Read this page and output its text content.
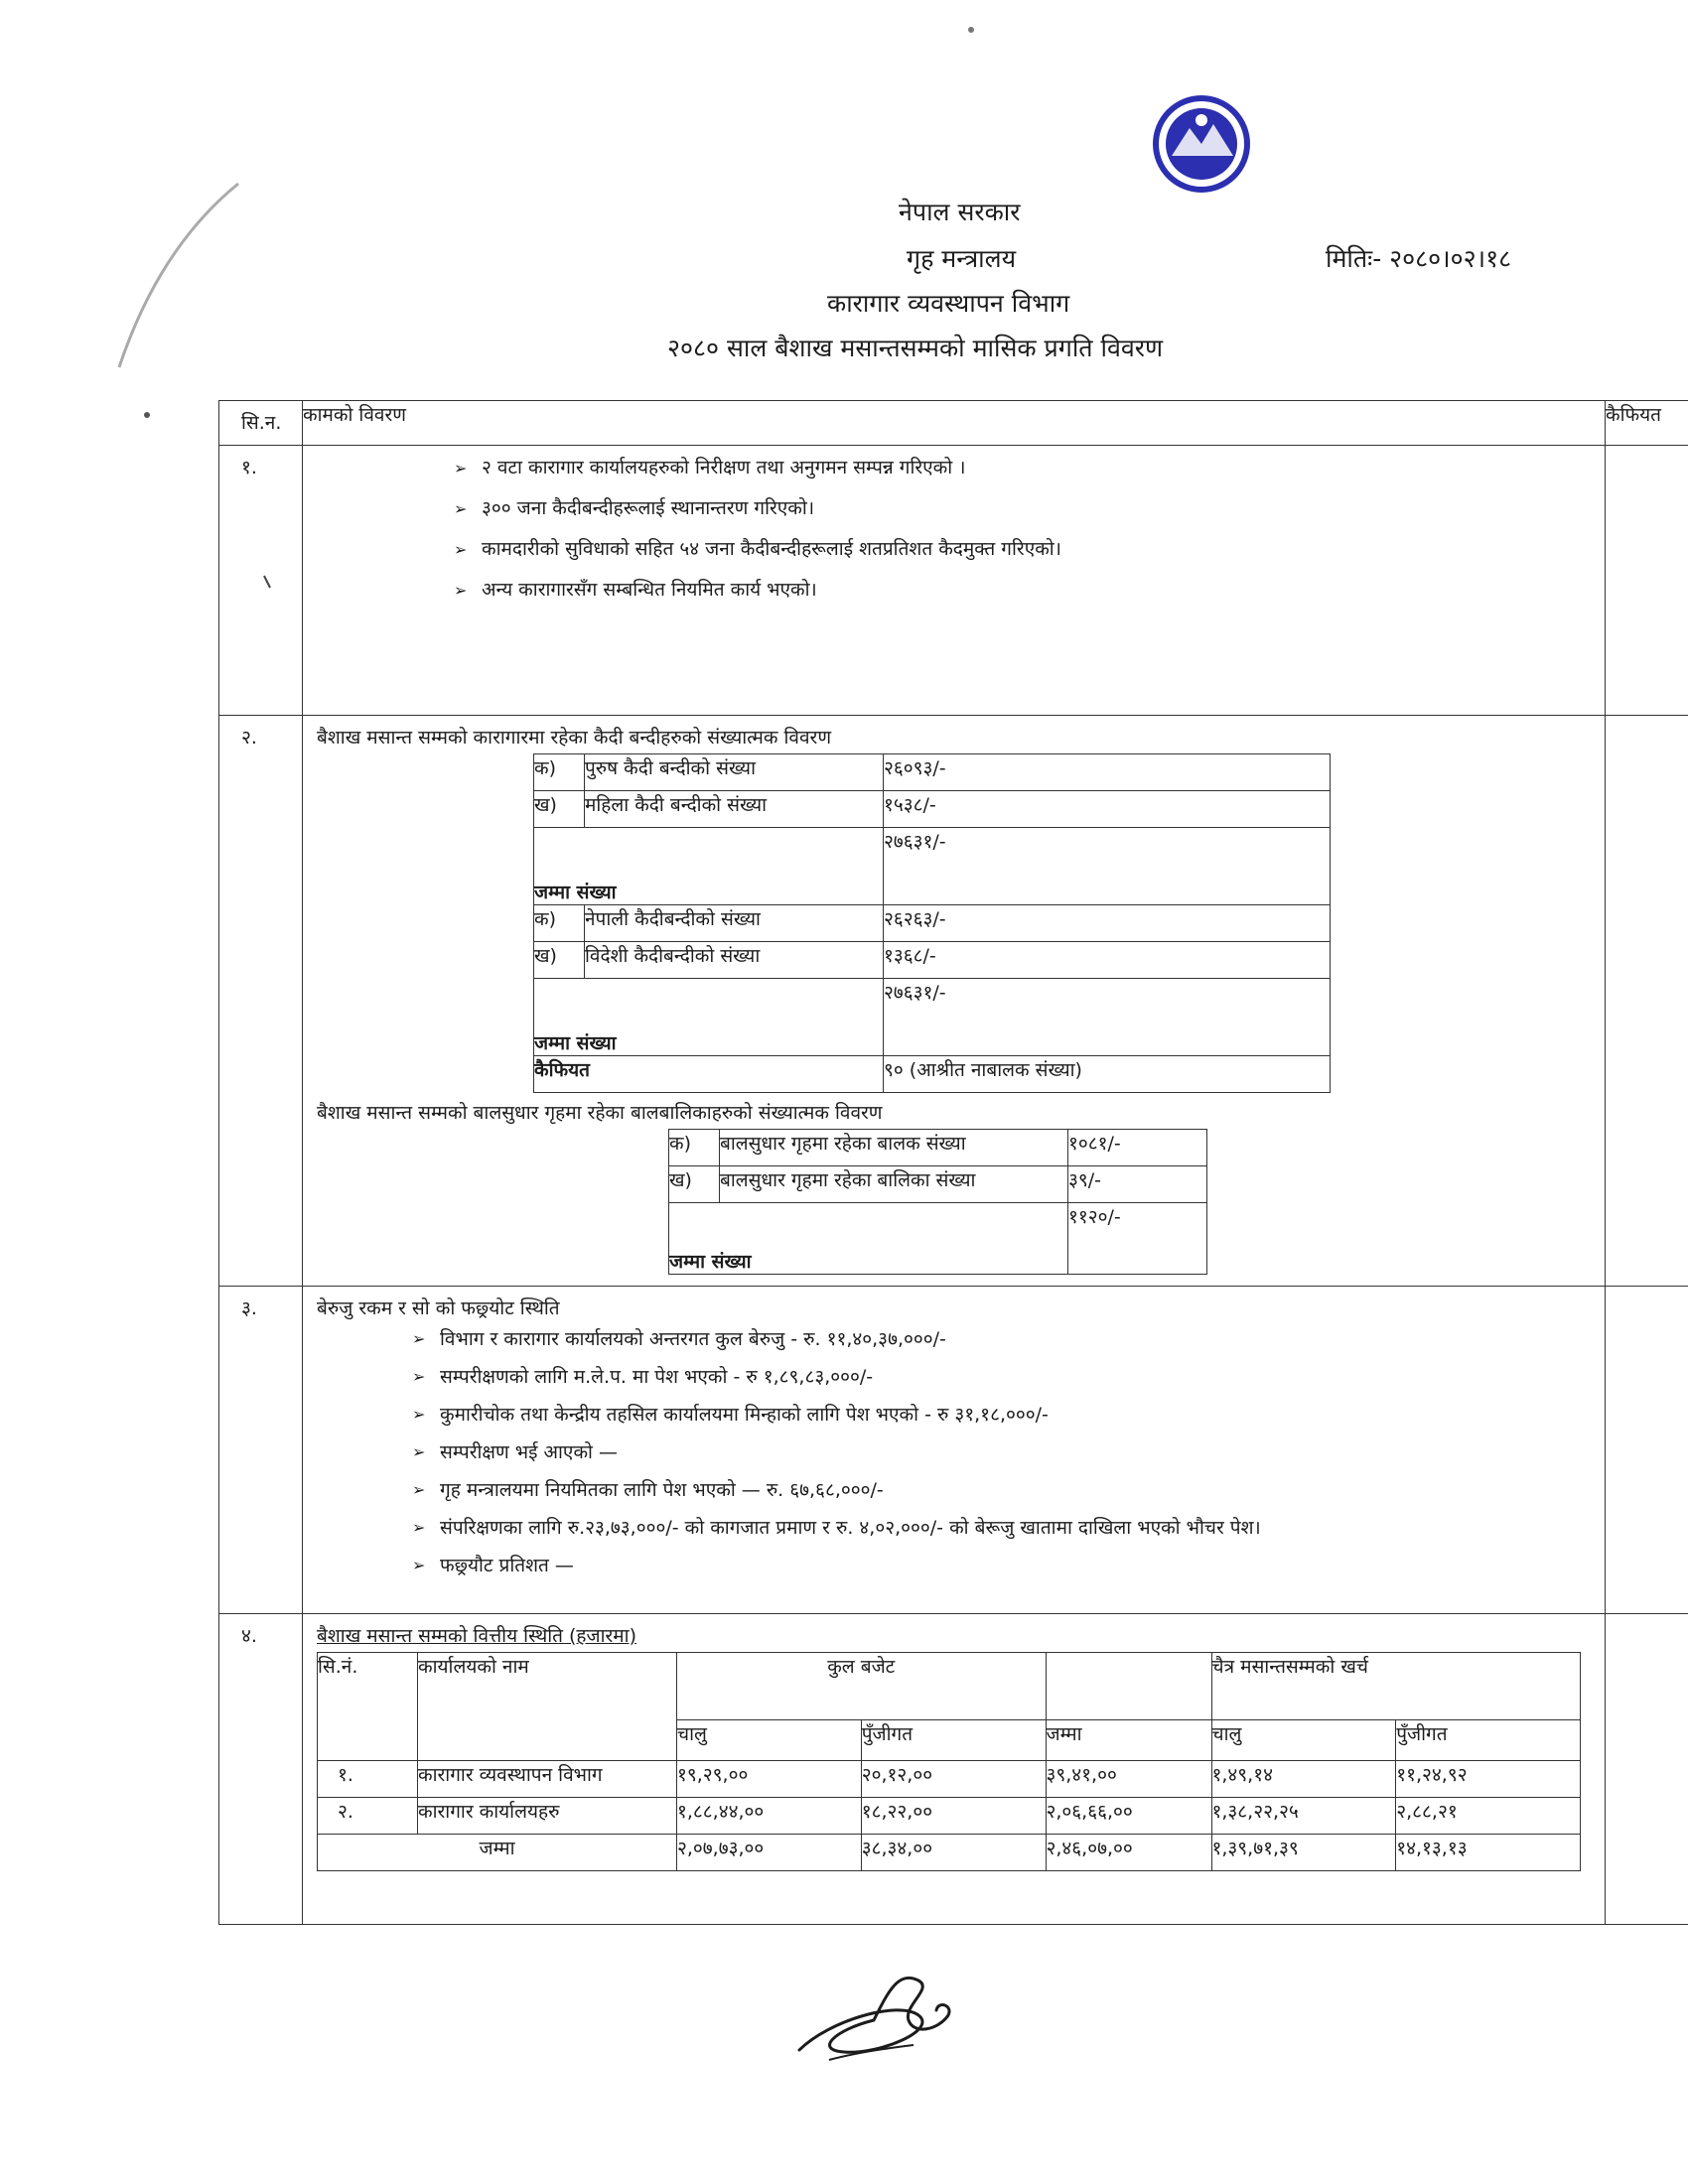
नेपाल सरकार
गृह मन्त्रालय
कारागार व्यवस्थापन विभाग
२०८० साल बैशाख मसान्तसम्मको मासिक प्रगति विवरण
मितिः- २०८०।०२।१८
सि.न.	कामको विवरण	कैफियत
१.	➢ २ वटा कारागार कार्यालयहरुको निरीक्षण तथा अनुगमन सम्पन्न गरिएको ।
➢ ३०० जना कैदीबन्दीहरूलाई स्थानान्तरण गरिएको।
➢ कामदारीको सुविधाको सहित ५४ जना कैदीबन्दीहरूलाई शतप्रतिशत कैदमुक्त गरिएको।
➢ अन्य कारागारसँग सम्बन्धित नियमित कार्य भएको।

२.	बैशाख मसान्त सम्मको कारागारमा रहेका कैदी बन्दीहरुको संख्यात्मक विवरण
क)	पुरुष कैदी बन्दीको संख्या	२६०९३/-
ख)	महिला कैदी बन्दीको संख्या	१५३८/-
जम्मा संख्या	२७६३१/-
क)	नेपाली कैदीबन्दीको संख्या	२६२६३/-
ख)	विदेशी कैदीबन्दीको संख्या	१३६८/-
जम्मा संख्या	२७६३१/-
कैफियत	९० (आश्रीत नाबालक संख्या)
बैशाख मसान्त सम्मको बालसुधार गृहमा रहेका बालबालिकाहरुको संख्यात्मक विवरण
क)	बालसुधार गृहमा रहेका बालक संख्या	१०८१/-
ख)	बालसुधार गृहमा रहेका बालिका संख्या	३९/-
जम्मा संख्या	११२०/-

३.	बेरुजु रकम र सो को फछ्र्योट स्थिति
➢ विभाग र कारागार कार्यालयको अन्तरगत कुल बेरुजु - रु. ११,४०,३७,०००/-
➢ सम्परीक्षणको लागि म.ले.प. मा पेश भएको - रु १,८९,८३,०००/-
➢ कुमारीचोक तथा केन्द्रीय तहसिल कार्यालयमा मिन्हाको लागि पेश भएको - रु ३१,१८,०००/-
➢ सम्परीक्षण भई आएको —
➢ गृह मन्त्रालयमा नियमितका लागि पेश भएको — रु. ६७,६८,०००/-
➢ संपरिक्षणका लागि रु.२३,७३,०००/- को कागजात प्रमाण र रु. ४,०२,०००/- को बेरूजु खातामा दाखिला भएको भौचर पेश।
➢ फछ्र्यौट प्रतिशत —

४.	बैशाख मसान्त सम्मको वित्तीय स्थिति (हजारमा)
सि.नं.	कार्यालयको नाम	कुल बजेट		चैत्र मसान्तसम्मको खर्च
चालु	पुँजीगत	जम्मा	चालु	पुँजीगत
१.	कारागार व्यवस्थापन विभाग	१९,२९,००	२०,१२,००	३९,४१,००	१,४९,१४	११,२४,९२
२.	कारागार कार्यालयहरु	१,८८,४४,००	१८,२२,००	२,०६,६६,००	१,३८,२२,२५	२,८८,२१
जम्मा	२,०७,७३,००	३८,३४,००	२,४६,०७,००	१,३९,७१,३९	१४,१३,१३
